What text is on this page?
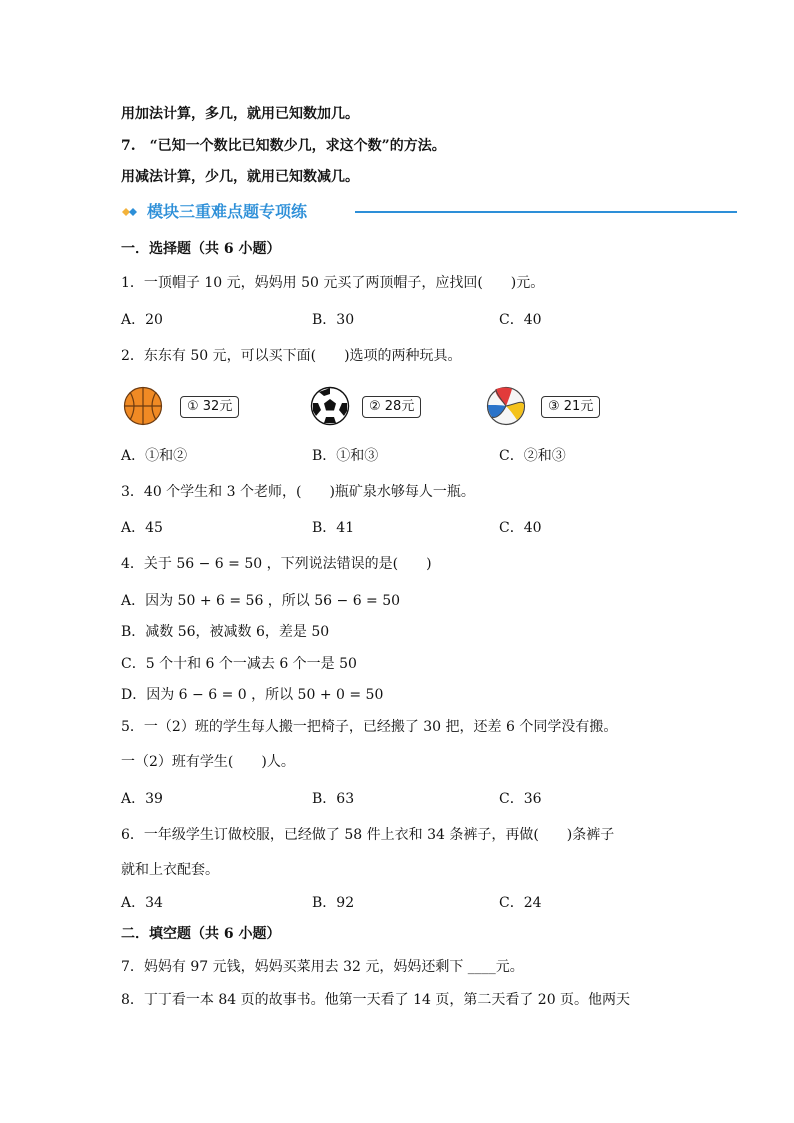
用加法计算，多几，就用已知数加几。
7.　“已知一个数比已知数少几，求这个数”的方法。
用减法计算，少几，就用已知数减几。
模块三重难点题专项练
一．选择题（共 6 小题）
1．一顶帽子 10 元，妈妈用 50 元买了两顶帽子，应找回(　　)元。
A．20	B．30	C．40
2．东东有 50 元，可以买下面(　　)选项的两种玩具。
① 32元	② 28元	③ 21元
A．①和②	B．①和③	C．②和③
3．40 个学生和 3 个老师，(　　)瓶矿泉水够每人一瓶。
A．45	B．41	C．40
4．关于 56 − 6 = 50 ，下列说法错误的是(　　)
A．因为 50 + 6 = 56 ，所以 56 − 6 = 50
B．减数 56，被减数 6，差是 50
C．5 个十和 6 个一减去 6 个一是 50
D．因为 6 − 6 = 0 ，所以 50 + 0 = 50
5．一（2）班的学生每人搬一把椅子，已经搬了 30 把，还差 6 个同学没有搬。
一（2）班有学生(　　)人。
A．39	B．63	C．36
6．一年级学生订做校服，已经做了 58 件上衣和 34 条裤子，再做(　　)条裤子
就和上衣配套。
A．34	B．92	C．24
二．填空题（共 6 小题）
7．妈妈有 97 元钱，妈妈买菜用去 32 元，妈妈还剩下 ____元。
8．丁丁看一本 84 页的故事书。他第一天看了 14 页，第二天看了 20 页。他两天
